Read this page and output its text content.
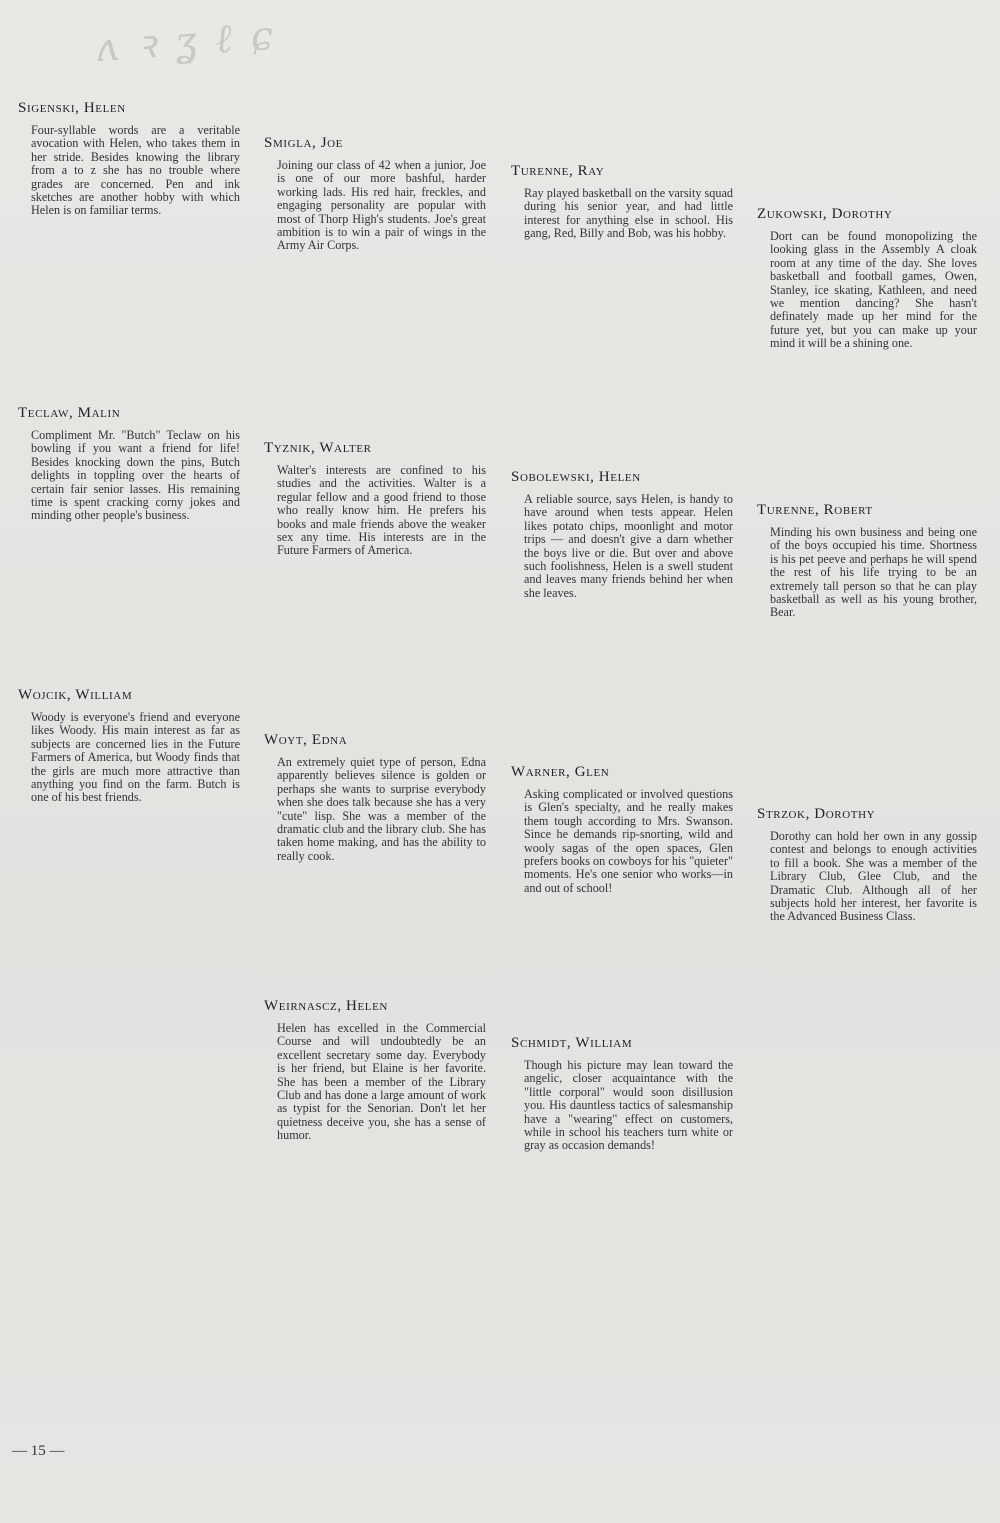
ʌ ꝛ ʓ ℓ ɕ
Sigenski, Helen

Four-syllable words are a veritable avocation with Helen, who takes them in her stride. Besides knowing the library from a to z she has no trouble where grades are concerned. Pen and ink sketches are another hobby with which Helen is on familiar terms.

Smigla, Joe

Joining our class of 42 when a junior, Joe is one of our more bashful, harder working lads. His red hair, freckles, and engaging personality are popular with most of Thorp High's students. Joe's great ambition is to win a pair of wings in the Army Air Corps.

Turenne, Ray

Ray played basketball on the varsity squad during his senior year, and had little interest for anything else in school. His gang, Red, Billy and Bob, was his hobby.

Zukowski, Dorothy

Dort can be found monopolizing the looking glass in the Assembly A cloak room at any time of the day. She loves basketball and football games, Owen, Stanley, ice skating, Kathleen, and need we mention dancing? She hasn't definately made up her mind for the future yet, but you can make up your mind it will be a shining one.

Teclaw, Malin

Compliment Mr. "Butch" Teclaw on his bowling if you want a friend for life! Besides knocking down the pins, Butch delights in toppling over the hearts of certain fair senior lasses. His remaining time is spent cracking corny jokes and minding other people's business.

Tyznik, Walter

Walter's interests are confined to his studies and the activities. Walter is a regular fellow and a good friend to those who really know him. He prefers his books and male friends above the weaker sex any time. His interests are in the Future Farmers of America.

Sobolewski, Helen

A reliable source, says Helen, is handy to have around when tests appear. Helen likes potato chips, moonlight and motor trips — and doesn't give a darn whether the boys live or die. But over and above such foolishness, Helen is a swell student and leaves many friends behind her when she leaves.

Turenne, Robert

Minding his own business and being one of the boys occupied his time. Shortness is his pet peeve and perhaps he will spend the rest of his life trying to be an extremely tall person so that he can play basketball as well as his young brother, Bear.

Wojcik, William

Woody is everyone's friend and everyone likes Woody. His main interest as far as subjects are concerned lies in the Future Farmers of America, but Woody finds that the girls are much more attractive than anything you find on the farm. Butch is one of his best friends.

Woyt, Edna

An extremely quiet type of person, Edna apparently believes silence is golden or perhaps she wants to surprise everybody when she does talk because she has a very "cute" lisp. She was a member of the dramatic club and the library club. She has taken home making, and has the ability to really cook.

Warner, Glen

Asking complicated or involved questions is Glen's specialty, and he really makes them tough according to Mrs. Swanson. Since he demands rip-snorting, wild and wooly sagas of the open spaces, Glen prefers books on cowboys for his "quieter" moments. He's one senior who works—in and out of school!

Strzok, Dorothy

Dorothy can hold her own in any gossip contest and belongs to enough activities to fill a book. She was a member of the Library Club, Glee Club, and the Dramatic Club. Although all of her subjects hold her interest, her favorite is the Advanced Business Class.

Weirnascz, Helen

Helen has excelled in the Commercial Course and will undoubtedly be an excellent secretary some day. Everybody is her friend, but Elaine is her favorite. She has been a member of the Library Club and has done a large amount of work as typist for the Senorian. Don't let her quietness deceive you, she has a sense of humor.

Schmidt, William

Though his picture may lean toward the angelic, closer acquaintance with the "little corporal" would soon disillusion you. His dauntless tactics of salesmanship have a "wearing" effect on customers, while in school his teachers turn white or gray as occasion demands!

— 15 —
